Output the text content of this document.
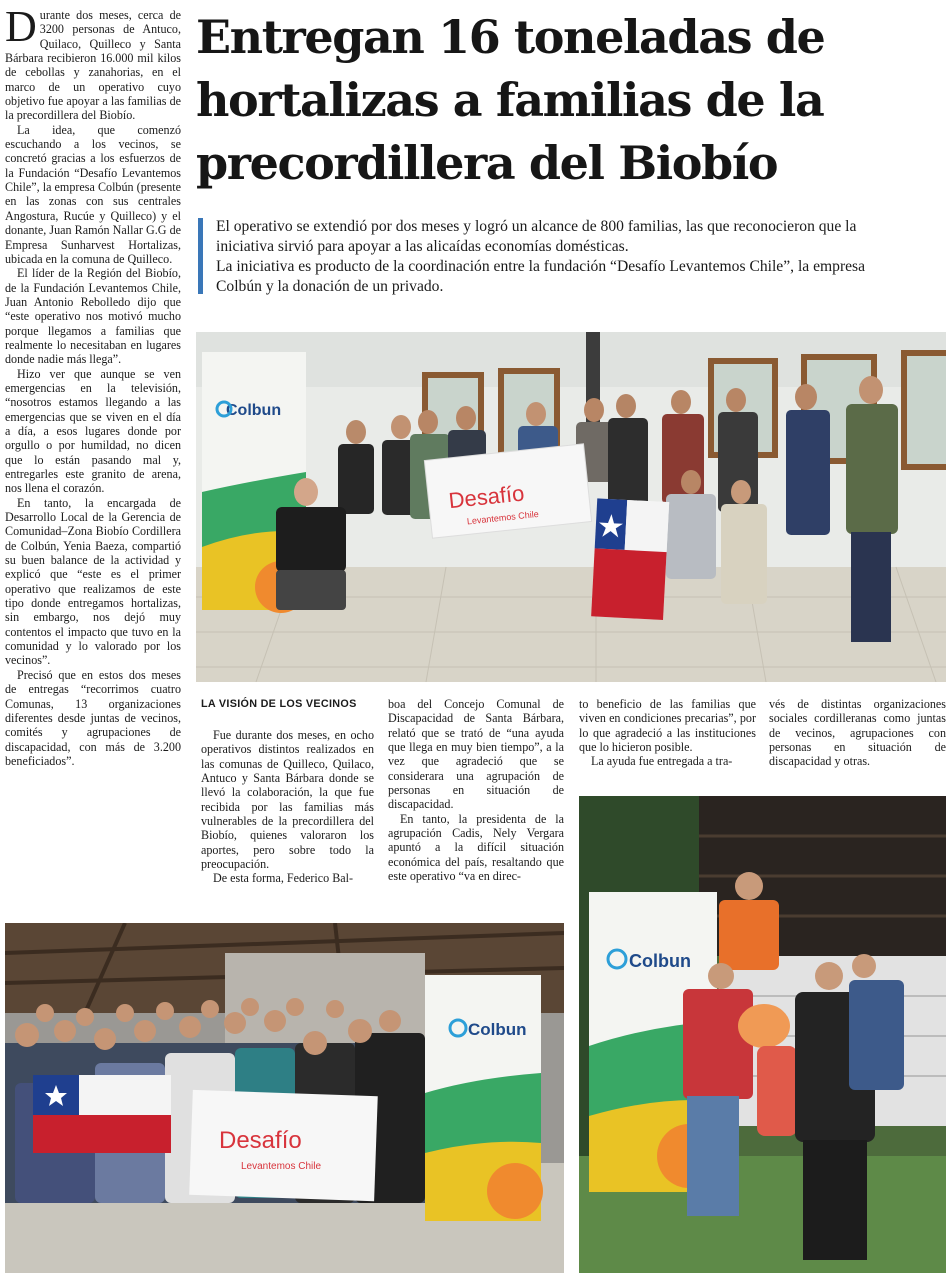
Entregan 16 toneladas de
hortalizas a familias de la
precordillera del Biobío

El operativo se extendió por dos meses y logró un alcance de 800 familias, las que reconocieron que la iniciativa sirvió para apoyar a las alicaídas economías domésticas.

La iniciativa es producto de la coordinación entre la fundación “Desafío Levantemos Chile”, la empresa Colbún y la donación de un privado.

Durante dos meses, cerca de 3200 personas de Antuco, Quilaco, Quilleco y Santa Bárbara recibieron 16.000 mil kilos de cebollas y zanahorias, en el marco de un operativo cuyo objetivo fue apoyar a las familias de la precordillera del Biobío.

La idea, que comenzó escuchando a los vecinos, se concretó gracias a los esfuerzos de la Fundación “Desafío Levantemos Chile”, la empresa Colbún (presente en las zonas con sus centrales Angostura, Rucúe y Quilleco) y el donante, Juan Ramón Nallar G.G de Empresa Sunharvest Hortalizas, ubicada en la comuna de Quilleco.

El líder de la Región del Biobío, de la Fundación Levantemos Chile, Juan Antonio Rebolledo dijo que “este operativo nos motivó mucho porque llegamos a familias que realmente lo necesitaban en lugares donde nadie más llega”.

Hizo ver que aunque se ven emergencias en la televisión, “nosotros estamos llegando a las emergencias que se viven en el día a día, a esos lugares donde por orgullo o por humildad, no dicen que lo están pasando mal y, entregarles este granito de arena, nos llena el corazón.

En tanto, la encargada de Desarrollo Local de la Gerencia de Comunidad–Zona Biobío Cordillera de Colbún, Yenia Baeza, compartió su buen balance de la actividad y explicó que “este es el primer operativo que realizamos de este tipo donde entregamos hortalizas, sin embargo, nos dejó muy contentos el impacto que tuvo en la comunidad y lo valorado por los vecinos”.

Precisó que en estos dos meses de entregas “recorrimos cuatro Comunas, 13 organizaciones diferentes desde juntas de vecinos, comités y agrupaciones de discapacidad, con más de 3.200 beneficiados”.

Colbun
Desafío
Levantemos Chile
LA VISIÓN DE LOS VECINOS

Fue durante dos meses, en ocho operativos distintos realizados en las comunas de Quilleco, Quilaco, Antuco y Santa Bárbara donde se llevó la colaboración, la que fue recibida por las familias más vulnerables de la precordillera del Biobío, quienes valoraron los aportes, pero sobre todo la preocupación.

De esta forma, Federico Bal-

boa del Concejo Comunal de Discapacidad de Santa Bárbara, relató que se trató de “una ayuda que llega en muy bien tiempo”, a la vez que agradeció que se considerara una agrupación de personas en situación de discapacidad.

En tanto, la presidenta de la agrupación Cadis, Nely Vergara apuntó a la difícil situación económica del país, resaltando que este operativo “va en direc-

to beneficio de las familias que viven en condiciones precarias”, por lo que agradeció a las instituciones que lo hicieron posible.

La ayuda fue entregada a tra-

vés de distintas organizaciones sociales cordilleranas como juntas de vecinos, agrupaciones con personas en situación de discapacidad y otras.

Desafío
Levantemos Chile
Colbun
Colbun
